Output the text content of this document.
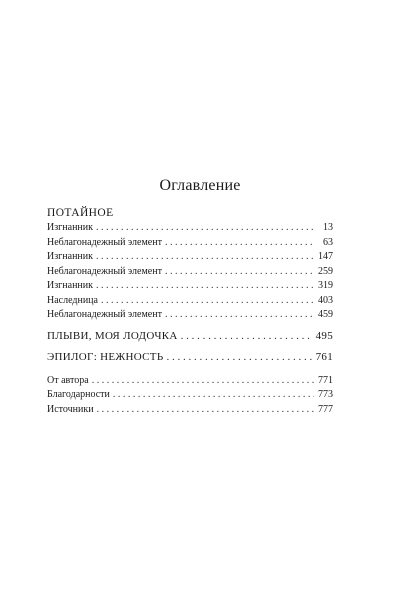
Оглавление
ПОТАЙНОЕ
Изгнанник . . .	13
Неблагонадежный элемент . . .	63
Изгнанник . . .	147
Неблагонадежный элемент . . .	259
Изгнанник . . .	319
Наследница . . .	403
Неблагонадежный элемент . . .	459
ПЛЫВИ, МОЯ ЛОДОЧКА . . .	495
ЭПИЛОГ: НЕЖНОСТЬ . . .	761
От автора . . .	771
Благодарности . . .	773
Источники . . .	777
